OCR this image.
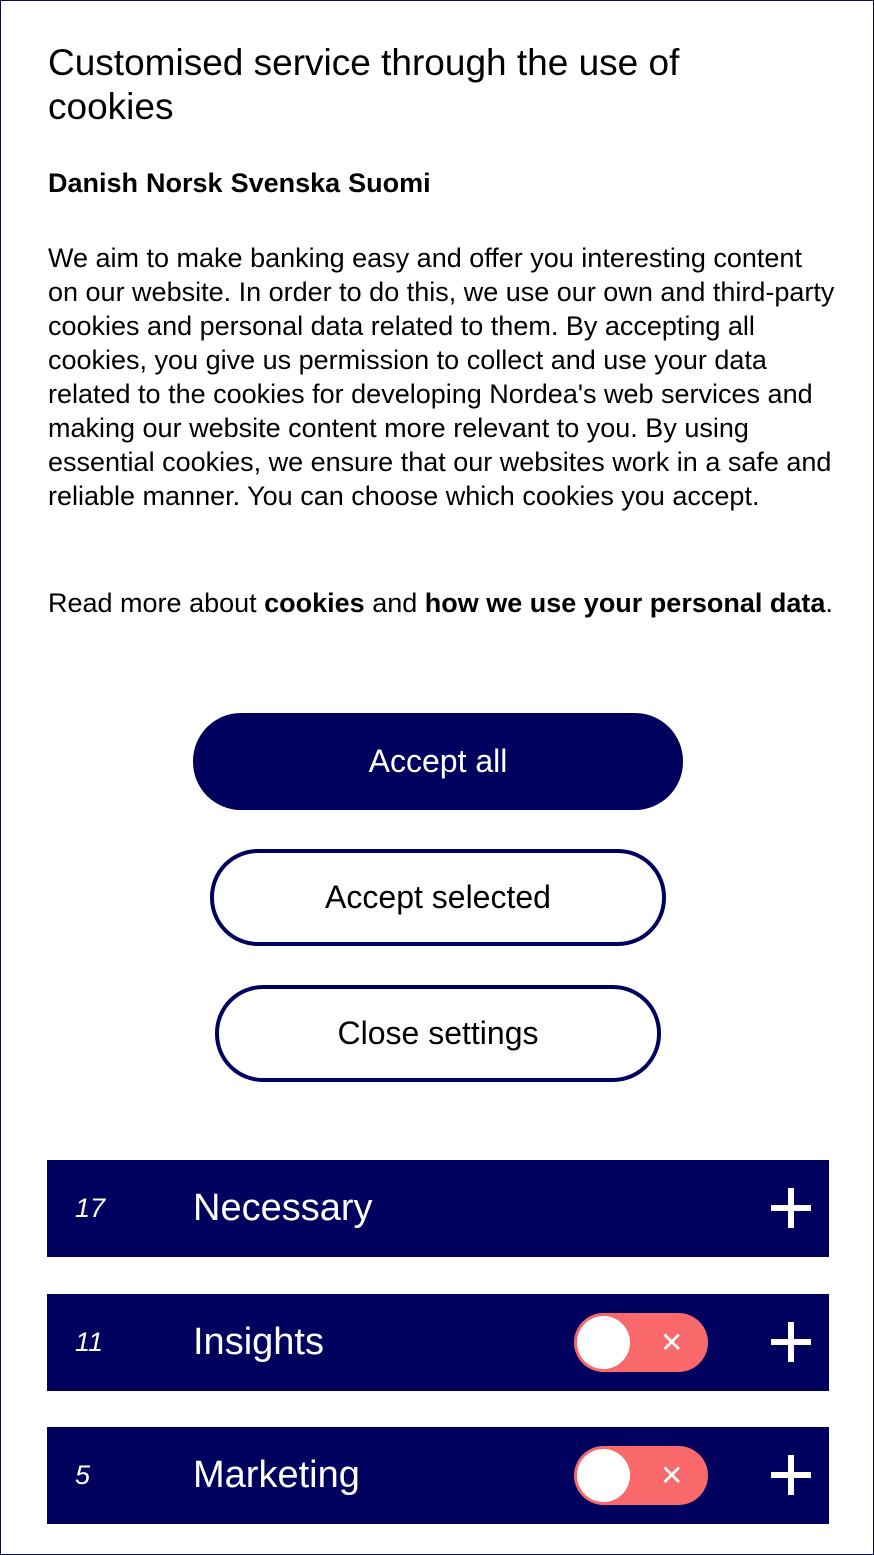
Customised service through the use of cookies
Danish Norsk Svenska Suomi

We aim to make banking easy and offer you interesting content on our website. In order to do this, we use our own and third-party cookies and personal data related to them. By accepting all cookies, you give us permission to collect and use your data related to the cookies for developing Nordea's web services and making our website content more relevant to you. By using essential cookies, we ensure that our websites work in a safe and reliable manner. You can choose which cookies you accept.

Read more about cookies and how we use your personal data.

Accept all
Accept selected
Close settings
17 Necessary
11 Insights	✕
5	Marketing	✕
